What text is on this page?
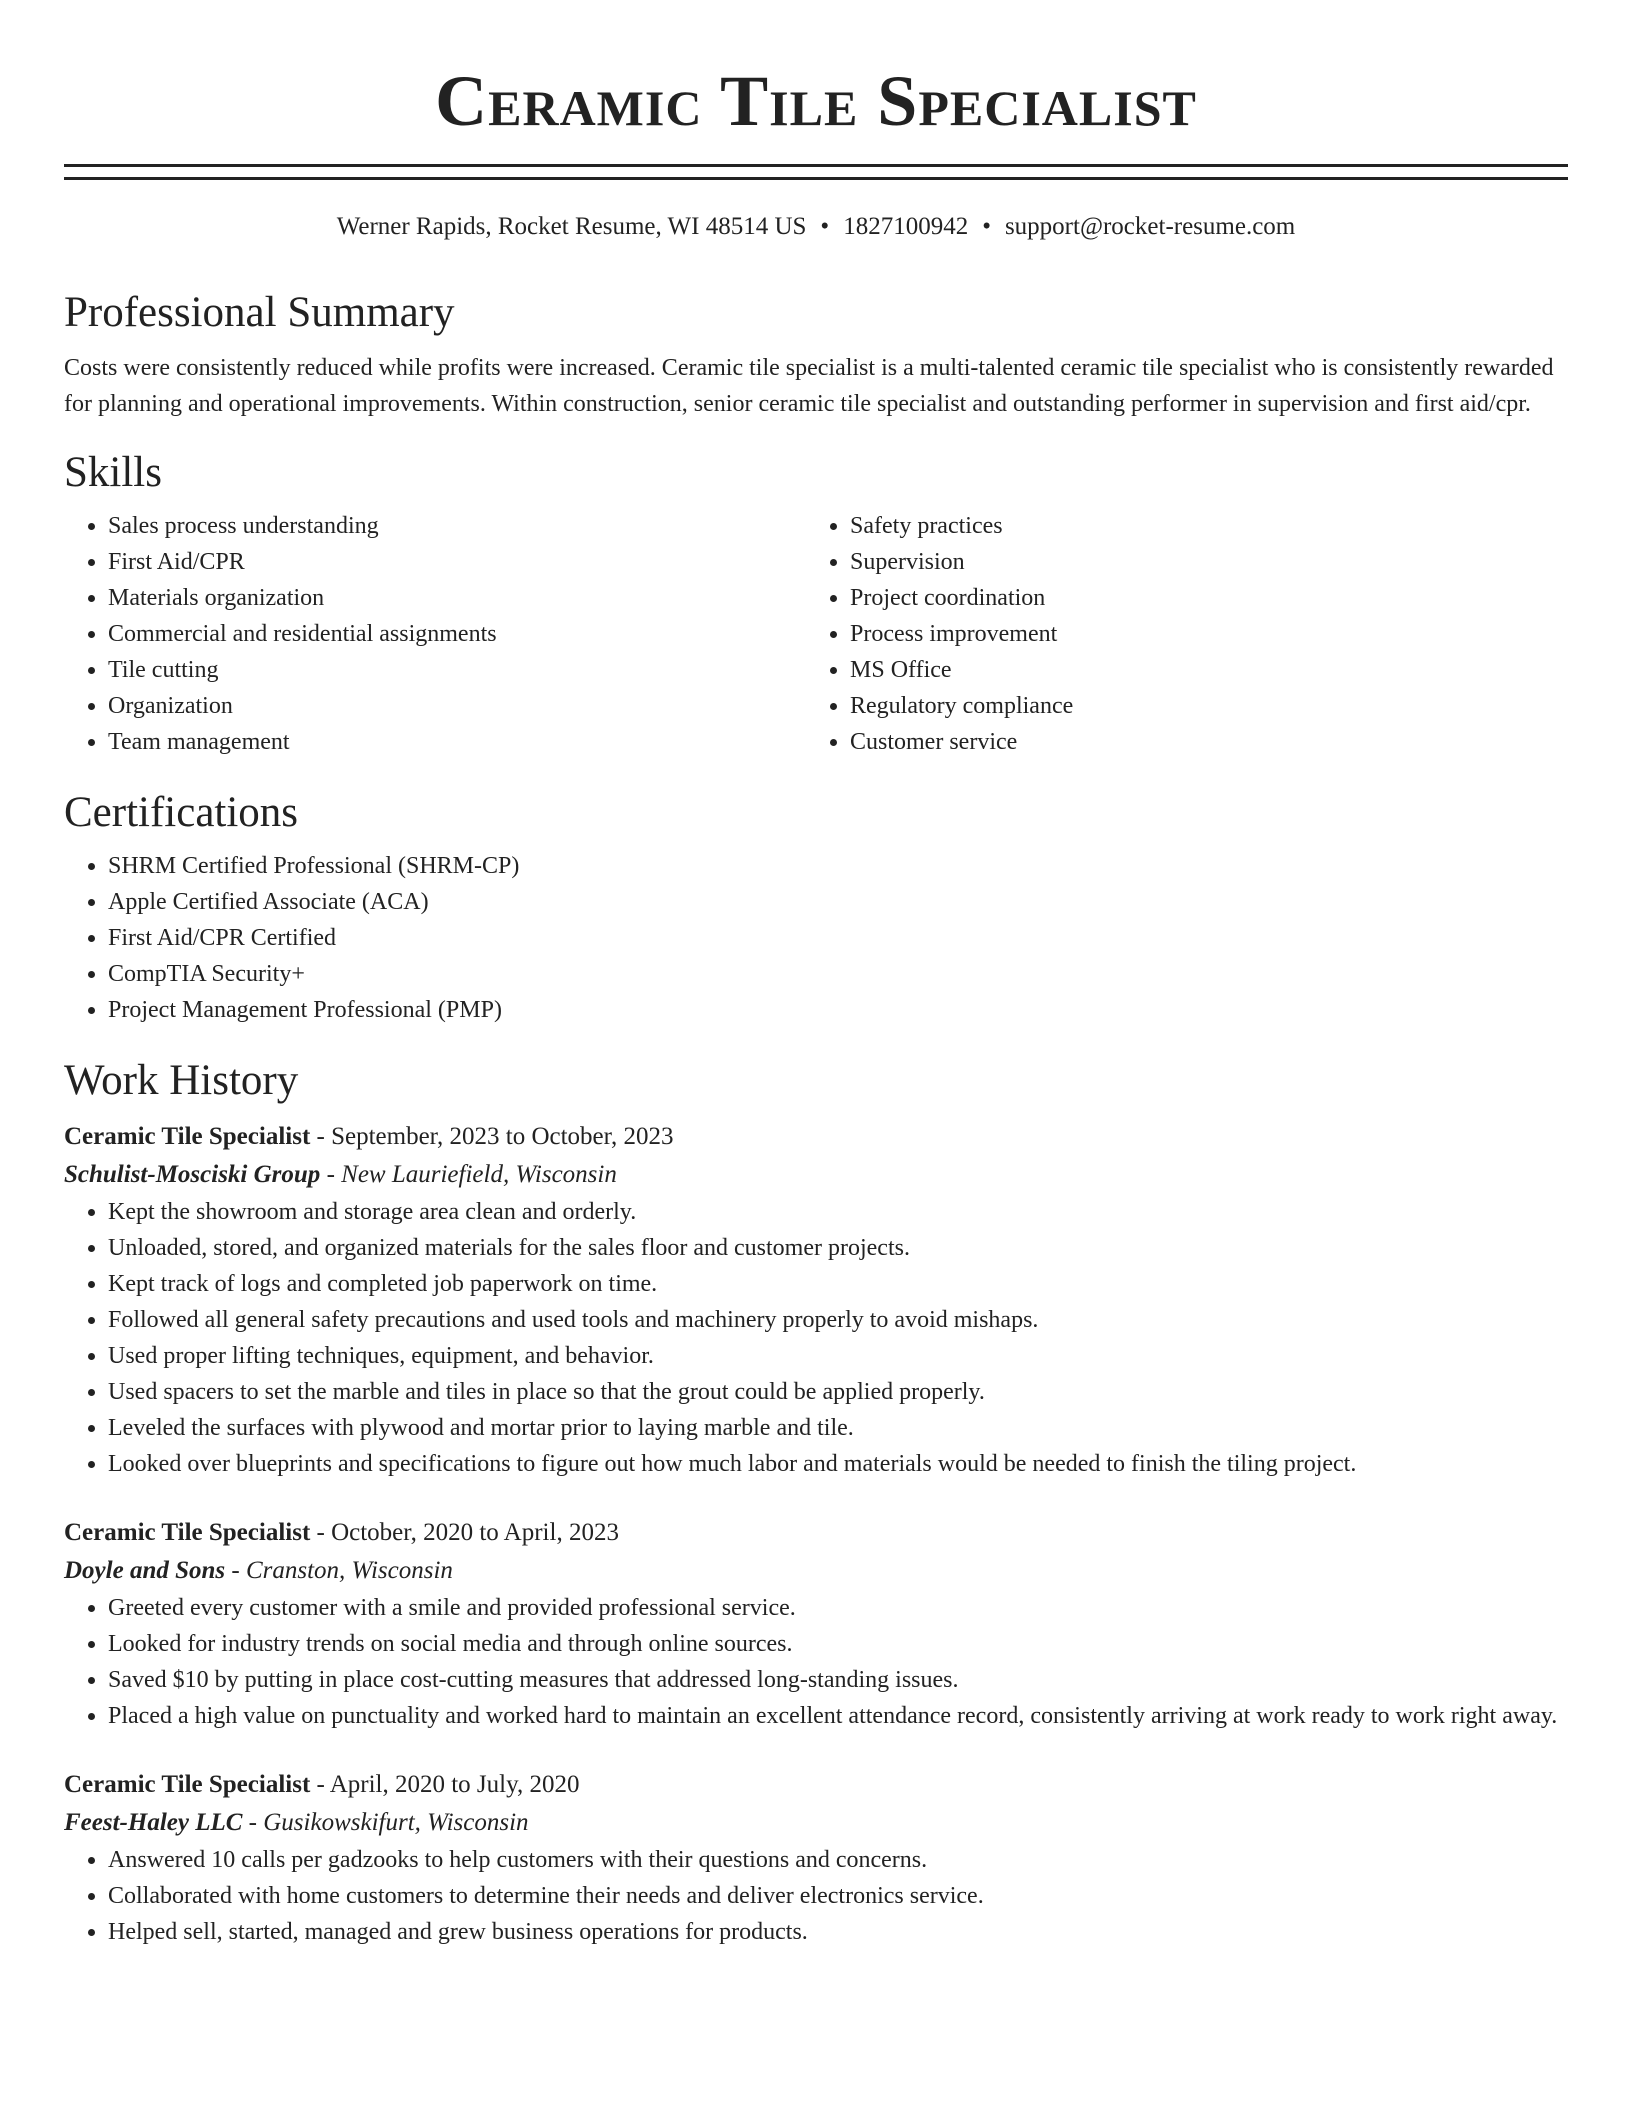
Ceramic Tile Specialist
Werner Rapids, Rocket Resume, WI 48514 US • 1827100942 • support@rocket-resume.com
Professional Summary

Costs were consistently reduced while profits were increased. Ceramic tile specialist is a multi-talented ceramic tile specialist who is consistently rewarded for planning and operational improvements. Within construction, senior ceramic tile specialist and outstanding performer in supervision and first aid/cpr.

Skills
• Sales process understanding
• First Aid/CPR
• Materials organization
• Commercial and residential assignments
• Tile cutting
• Organization
• Team management
• Safety practices
• Supervision
• Project coordination
• Process improvement
• MS Office
• Regulatory compliance
• Customer service
Certifications
• SHRM Certified Professional (SHRM-CP)
• Apple Certified Associate (ACA)
• First Aid/CPR Certified
• CompTIA Security+
• Project Management Professional (PMP)
Work History
Ceramic Tile Specialist - September, 2023 to October, 2023
Schulist-Mosciski Group - New Lauriefield, Wisconsin
• Kept the showroom and storage area clean and orderly.
• Unloaded, stored, and organized materials for the sales floor and customer projects.
• Kept track of logs and completed job paperwork on time.
• Followed all general safety precautions and used tools and machinery properly to avoid mishaps.
• Used proper lifting techniques, equipment, and behavior.
• Used spacers to set the marble and tiles in place so that the grout could be applied properly.
• Leveled the surfaces with plywood and mortar prior to laying marble and tile.
• Looked over blueprints and specifications to figure out how much labor and materials would be needed to finish the tiling project.
Ceramic Tile Specialist - October, 2020 to April, 2023
Doyle and Sons - Cranston, Wisconsin
• Greeted every customer with a smile and provided professional service.
• Looked for industry trends on social media and through online sources.
• Saved $10 by putting in place cost-cutting measures that addressed long-standing issues.
• Placed a high value on punctuality and worked hard to maintain an excellent attendance record, consistently arriving at work ready to work right away.
Ceramic Tile Specialist - April, 2020 to July, 2020
Feest-Haley LLC - Gusikowskifurt, Wisconsin
• Answered 10 calls per gadzooks to help customers with their questions and concerns.
• Collaborated with home customers to determine their needs and deliver electronics service.
• Helped sell, started, managed and grew business operations for products.
